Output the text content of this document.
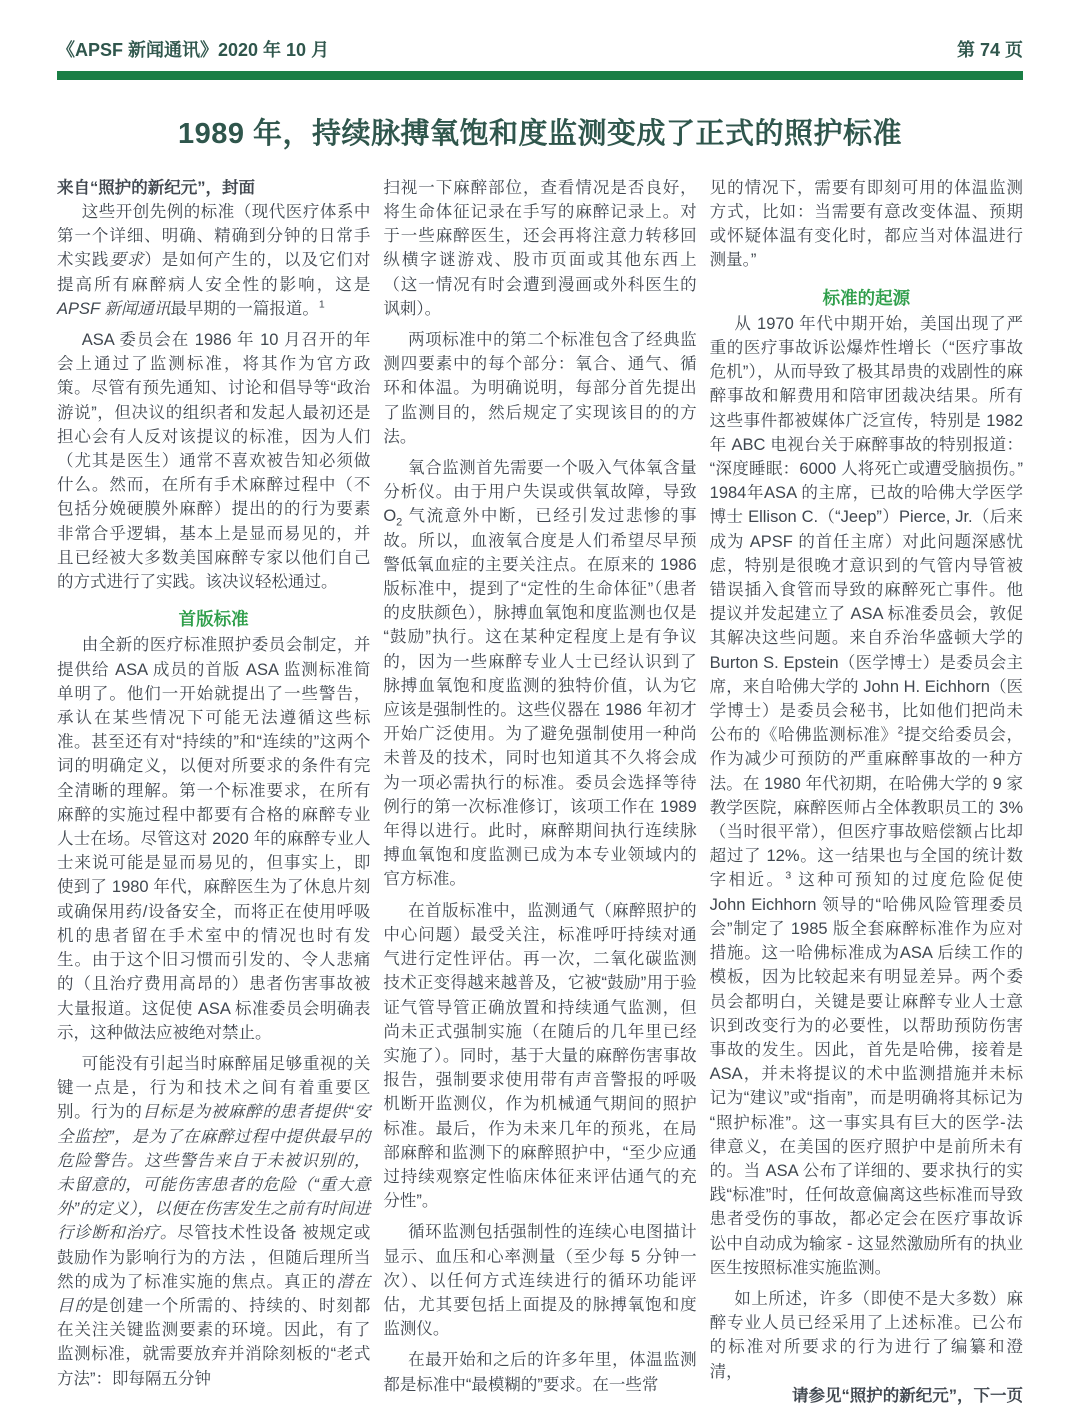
《APSF 新闻通讯》2020 年 10 月	第 74 页
1989 年，持续脉搏氧饱和度监测变成了正式的照护标准

来自“照护的新纪元”，封面

这些开创先例的标准（现代医疗体系中第一个详细、明确、精确到分钟的日常手术实践要求）是如何产生的，以及它们对提高所有麻醉病人安全性的影响，这是 APSF 新闻通讯最早期的一篇报道。$^1$

ASA 委员会在 1986 年 10 月召开的年会上通过了监测标准，将其作为官方政策。尽管有预先通知、讨论和倡导等“政治游说”，但决议的组织者和发起人最初还是担心会有人反对该提议的标准，因为人们（尤其是医生）通常不喜欢被告知必须做什么。然而，在所有手术麻醉过程中（不包括分娩硬膜外麻醉）提出的的行为要素非常合乎逻辑，基本上是显而易见的，并且已经被大多数美国麻醉专家以他们自己的方式进行了实践。该决议轻松通过。

首版标准

由全新的医疗标准照护委员会制定，并提供给 ASA 成员的首版 ASA 监测标准简单明了。他们一开始就提出了一些警告，承认在某些情况下可能无法遵循这些标准。甚至还有对“持续的”和“连续的”这两个词的明确定义，以便对所要求的条件有完全清晰的理解。第一个标准要求，在所有麻醉的实施过程中都要有合格的麻醉专业人士在场。尽管这对 2020 年的麻醉专业人士来说可能是显而易见的，但事实上，即使到了 1980 年代，麻醉医生为了休息片刻或确保用药/设备安全，而将正在使用呼吸机的患者留在手术室中的情况也时有发生。由于这个旧习惯而引发的、令人悲痛的（且治疗费用高昂的）患者伤害事故被大量报道。这促使 ASA 标准委员会明确表示，这种做法应被绝对禁止。

可能没有引起当时麻醉届足够重视的关键一点是，行为和技术之间有着重要区别。行为的目标是为被麻醉的患者提供“安全监控”，是为了在麻醉过程中提供最早的危险警告。这些警告来自于未被识别的，未留意的，可能伤害患者的危险（“重大意外”的定义），以便在伤害发生之前有时间进行诊断和治疗。尽管技术性设备 被规定或鼓励作为影响行为的方法 ，但随后理所当然的成为了标准实施的焦点。真正的潜在目的是创建一个所需的、持续的、时刻都在关注关键监测要素的环境。因此，有了监测标准，就需要放弃并消除刻板的“老式方法”：即每隔五分钟

扫视一下麻醉部位，查看情况是否良好，将生命体征记录在手写的麻醉记录上。对于一些麻醉医生，还会再将注意力转移回纵横字谜游戏、股市页面或其他东西上（这一情况有时会遭到漫画或外科医生的讽刺）。

两项标准中的第二个标准包含了经典监测四要素中的每个部分：氧合、通气、循环和体温。为明确说明，每部分首先提出了监测目的，然后规定了实现该目的的方法。

氧合监测首先需要一个吸入气体氧含量分析仪。由于用户失误或供氧故障，导致 $O_2$ 气流意外中断，已经引发过悲惨的事故。所以，血液氧合度是人们希望尽早预警低氧血症的主要关注点。在原来的 1986 版标准中，提到了“定性的生命体征”（患者的皮肤颜色），脉搏血氧饱和度监测也仅是“鼓励”执行。这在某种定程度上是有争议的，因为一些麻醉专业人士已经认识到了脉搏血氧饱和度监测的独特价值，认为它应该是强制性的。这些仪器在 1986 年初才开始广泛使用。为了避免强制使用一种尚未普及的技术，同时也知道其不久将会成为一项必需执行的标准。委员会选择等待例行的第一次标准修订，该项工作在 1989 年得以进行。此时，麻醉期间执行连续脉搏血氧饱和度监测已成为本专业领域内的官方标准。

在首版标准中，监测通气（麻醉照护的中心问题）最受关注，标准呼吁持续对通气进行定性评估。再一次，二氧化碳监测技术正变得越来越普及，它被“鼓励”用于验证气管导管正确放置和持续通气监测，但尚未正式强制实施（在随后的几年里已经实施了）。同时，基于大量的麻醉伤害事故报告，强制要求使用带有声音警报的呼吸机断开监测仪，作为机械通气期间的照护标准。最后，作为未来几年的预兆，在局部麻醉和监测下的麻醉照护中，“至少应通过持续观察定性临床体征来评估通气的充分性”。

循环监测包括强制性的连续心电图描计显示、血压和心率测量（至少每 5 分钟一次）、以任何方式连续进行的循环功能评估，尤其要包括上面提及的脉搏氧饱和度监测仪。

在最开始和之后的许多年里，体温监测都是标准中“最模糊的”要求。在一些常

见的情况下，需要有即刻可用的体温监测方式，比如：当需要有意改变体温、预期或怀疑体温有变化时，都应当对体温进行测量。”

标准的起源

从 1970 年代中期开始，美国出现了严重的医疗事故诉讼爆炸性增长（“医疗事故危机”），从而导致了极其昂贵的戏剧性的麻醉事故和解费用和陪审团裁决结果。所有这些事件都被媒体广泛宣传，特别是 1982 年 ABC 电视台关于麻醉事故的特别报道：“深度睡眠：6000 人将死亡或遭受脑损伤。”1984年ASA 的主席，已故的哈佛大学医学博士 Ellison C.（“Jeep”）Pierce, Jr.（后来成为 APSF 的首任主席）对此问题深感忧虑，特别是很晚才意识到的气管内导管被错误插入食管而导致的麻醉死亡事件。他提议并发起建立了 ASA 标准委员会，敦促其解决这些问题。来自乔治华盛顿大学的 Burton S. Epstein（医学博士）是委员会主席，来自哈佛大学的 John H. Eichhorn（医学博士）是委员会秘书，比如他们把尚未公布的《哈佛监测标准》$^2$提交给委员会，作为减少可预防的严重麻醉事故的一种方法。在 1980 年代初期，在哈佛大学的 9 家教学医院，麻醉医师占全体教职员工的 3%（当时很平常），但医疗事故赔偿额占比却超过了 12%。这一结果也与全国的统计数字相近。$^3$ 这种可预知的过度危险促使 John Eichhorn 领导的“哈佛风险管理委员会”制定了 1985 版全套麻醉标准作为应对措施。这一哈佛标准成为ASA 后续工作的模板，因为比较起来有明显差异。两个委员会都明白，关键是要让麻醉专业人士意识到改变行为的必要性，以帮助预防伤害事故的发生。因此，首先是哈佛，接着是 ASA，并未将提议的术中监测措施并未标记为“建议”或“指南”，而是明确将其标记为“照护标准”。这一事实具有巨大的医学-法律意义，在美国的医疗照护中是前所未有的。当 ASA 公布了详细的、要求执行的实践“标准”时，任何故意偏离这些标准而导致患者受伤的事故，都必定会在医疗事故诉讼中自动成为输家 - 这显然激励所有的执业医生按照标准实施监测。

如上所述，许多（即使不是大多数）麻醉专业人员已经采用了上述标准。已公布的标准对所要求的行为进行了编纂和澄清，

请参见“照护的新纪元”，下一页
